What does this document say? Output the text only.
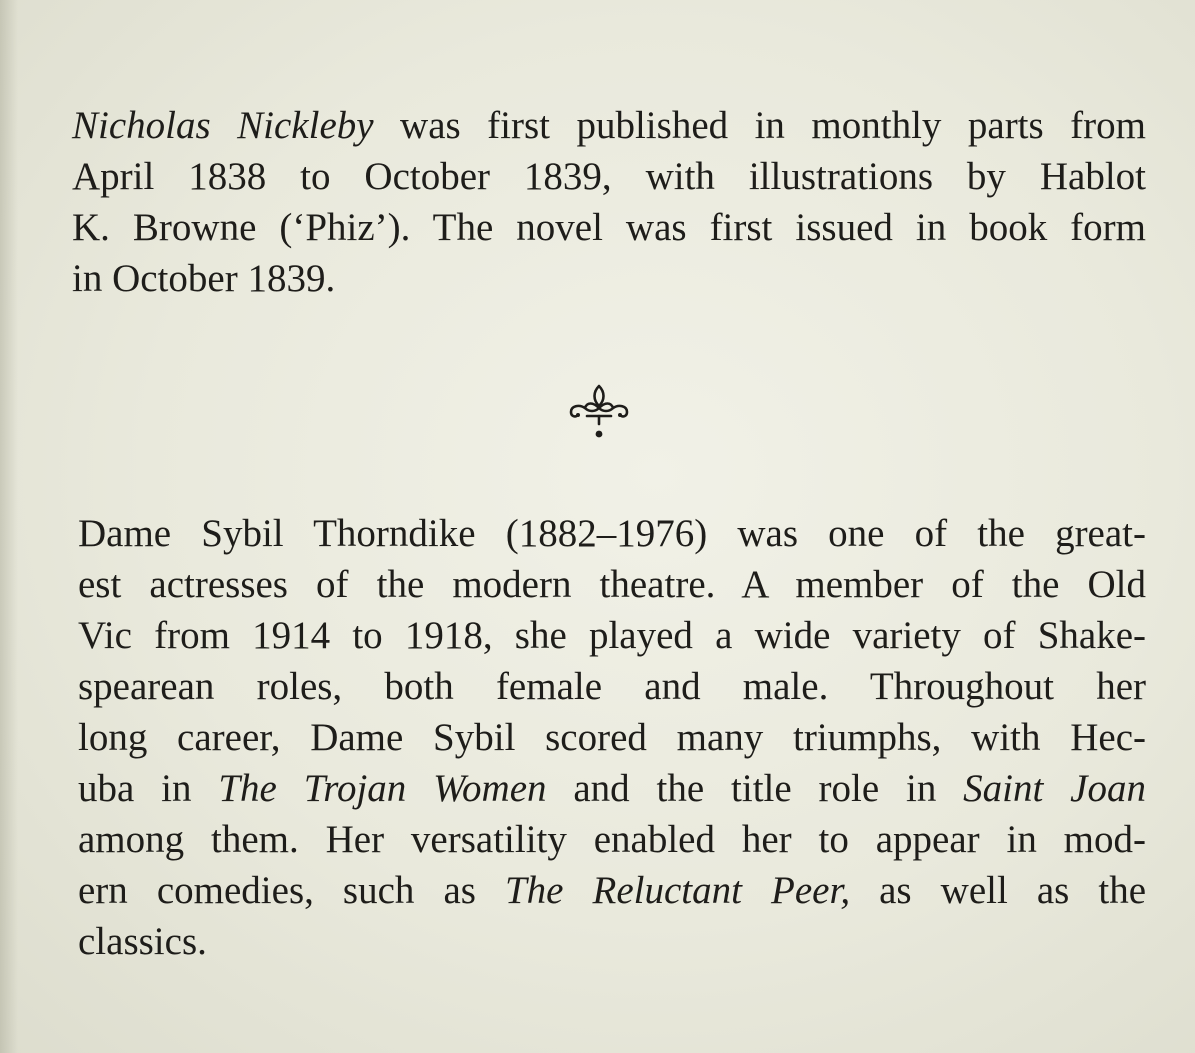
Nicholas Nickleby was first published in monthly parts from
April 1838 to October 1839, with illustrations by Hablot
K. Browne (‘Phiz’). The novel was first issued in book form
in October 1839.
Dame Sybil Thorndike (1882–1976) was one of the great-
est actresses of the modern theatre. A member of the Old
Vic from 1914 to 1918, she played a wide variety of Shake-
spearean roles, both female and male. Throughout her
long career, Dame Sybil scored many triumphs, with Hec-
uba in The Trojan Women and the title role in Saint Joan
among them. Her versatility enabled her to appear in mod-
ern comedies, such as The Reluctant Peer, as well as the
classics.
